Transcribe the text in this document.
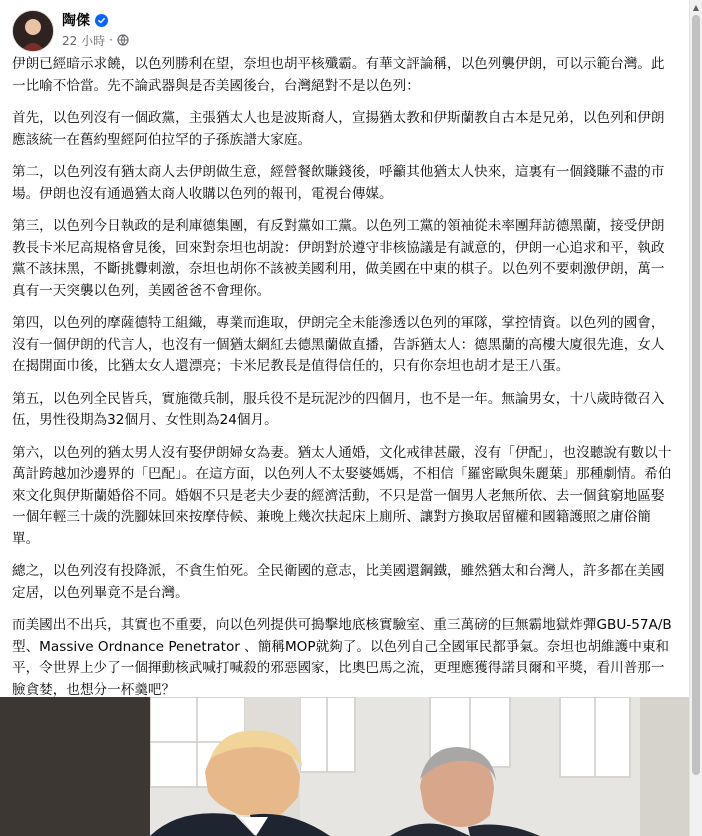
陶傑
22 小時 ·

伊朗已經暗示求饒，以色列勝利在望，奈坦也胡平核殲霸。有華文評論稱，以色列襲伊朗，可以示範台灣。此一比喻不恰當。先不論武器與是否美國後台，台灣絕對不是以色列：

首先，以色列沒有一個政黨，主張猶太人也是波斯裔人，宣揚猶太教和伊斯蘭教自古本是兄弟，以色列和伊朗應該統一在舊約聖經阿伯拉罕的子孫族譜大家庭。

第二，以色列沒有猶太商人去伊朗做生意，經營餐飲賺錢後，呼籲其他猶太人快來，這裏有一個錢賺不盡的市場。伊朗也沒有通過猶太商人收購以色列的報刊，電視台傳媒。

第三，以色列今日執政的是利庫德集團，有反對黨如工黨。以色列工黨的領袖從未率團拜訪德黑蘭，接受伊朗教長卡米尼高規格會見後，回來對奈坦也胡說：伊朗對於遵守非核協議是有誠意的，伊朗一心追求和平，執政黨不該抹黑，不斷挑釁刺激，奈坦也胡你不該被美國利用，做美國在中東的棋子。以色列不要刺激伊朗，萬一真有一天突襲以色列，美國爸爸不會理你。

第四，以色列的摩薩德特工組織，專業而進取，伊朗完全未能滲透以色列的軍隊，掌控情資。以色列的國會，沒有一個伊朗的代言人，也沒有一個猶太網紅去德黑蘭做直播，告訴猶太人：德黑蘭的高樓大廈很先進，女人在揭開面巾後，比猶太女人還漂亮；卡米尼教長是值得信任的，只有你奈坦也胡才是王八蛋。

第五，以色列全民皆兵，實施徵兵制，服兵役不是玩泥沙的四個月，也不是一年。無論男女，十八歲時徵召入伍，男性役期為32個月、女性則為24個月。

第六，以色列的猶太男人沒有娶伊朗婦女為妻。猶太人通婚，文化戒律甚嚴，沒有「伊配」，也沒聽說有數以十萬計跨越加沙邊界的「巴配」。在這方面，以色列人不太娶婆媽媽，不相信「羅密歐與朱麗葉」那種劇情。希伯來文化與伊斯蘭婚俗不同。婚姻不只是老夫少妻的經濟活動，不只是當一個男人老無所依、去一個貧窮地區娶一個年輕三十歲的洗腳妹回來按摩侍候、兼晚上幾次扶起床上廁所、讓對方換取居留權和國籍護照之庸俗簡單。

總之，以色列沒有投降派，不貪生怕死。全民衛國的意志，比美國還鋼鐵，雖然猶太和台灣人，許多都在美國定居，以色列畢竟不是台灣。

而美國出不出兵，其實也不重要，向以色列提供可搗擊地底核實驗室、重三萬磅的巨無霸地獄炸彈GBU-57A/B 型、Massive Ordnance Penetrator 、簡稱MOP就夠了。以色列自己全國軍民都爭氣。奈坦也胡維護中東和平，令世界上少了一個揮動核武喊打喊殺的邪惡國家，比奧巴馬之流，更理應獲得諾貝爾和平獎，看川普那一臉貪婪，也想分一杯羹吧？

▲
